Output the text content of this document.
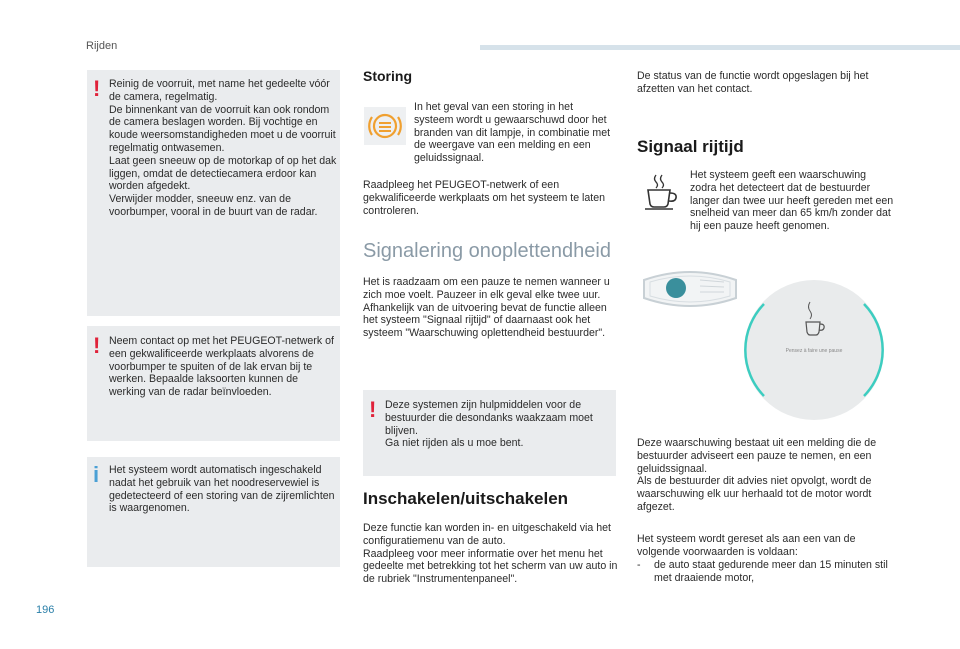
Rijden
! Reinig de voorruit, met name het gedeelte vóór de camera, regelmatig.
De binnenkant van de voorruit kan ook rondom de camera beslagen worden. Bij vochtige en koude weersomstandigheden moet u de voorruit regelmatig ontwasemen.
Laat geen sneeuw op de motorkap of op het dak liggen, omdat de detectiecamera erdoor kan worden afgedekt.
Verwijder modder, sneeuw enz. van de voorbumper, vooral in de buurt van de radar.

! Neem contact op met het PEUGEOT-netwerk of een gekwalificeerde werkplaats alvorens de voorbumper te spuiten of de lak ervan bij te werken. Bepaalde laksoorten kunnen de werking van de radar beïnvloeden.

i Het systeem wordt automatisch ingeschakeld nadat het gebruik van het noodreservewiel is gedetecteerd of een storing van de zijremlichten is waargenomen.

Storing
In het geval van een storing in het systeem wordt u gewaarschuwd door het branden van dit lampje, in combinatie met de weergave van een melding en een geluidssignaal.
Raadpleeg het PEUGEOT-netwerk of een gekwalificeerde werkplaats om het systeem te laten controleren.
Signalering onoplettendheid
Het is raadzaam om een pauze te nemen wanneer u zich moe voelt. Pauzeer in elk geval elke twee uur. Afhankelijk van de uitvoering bevat de functie alleen het systeem "Signaal rijtijd" of daarnaast ook het systeem "Waarschuwing oplettendheid bestuurder".
! Deze systemen zijn hulpmiddelen voor de bestuurder die desondanks waakzaam moet blijven.
Ga niet rijden als u moe bent.

Inschakelen/uitschakelen
Deze functie kan worden in- en uitgeschakeld via het configuratiemenu van de auto.
Raadpleeg voor meer informatie over het menu het gedeelte met betrekking tot het scherm van uw auto in de rubriek "Instrumentenpaneel".
De status van de functie wordt opgeslagen bij het afzetten van het contact.
Signaal rijtijd
Het systeem geeft een waarschuwing zodra het detecteert dat de bestuurder langer dan twee uur heeft gereden met een snelheid van meer dan 65 km/h zonder dat hij een pauze heeft genomen.
Pensez à faire une pause
Deze waarschuwing bestaat uit een melding die de bestuurder adviseert een pauze te nemen, en een geluidssignaal.
Als de bestuurder dit advies niet opvolgt, wordt de waarschuwing elk uur herhaald tot de motor wordt afgezet.
Het systeem wordt gereset als aan een van de volgende voorwaarden is voldaan:
- de auto staat gedurende meer dan 15 minuten stil met draaiende motor,
196
